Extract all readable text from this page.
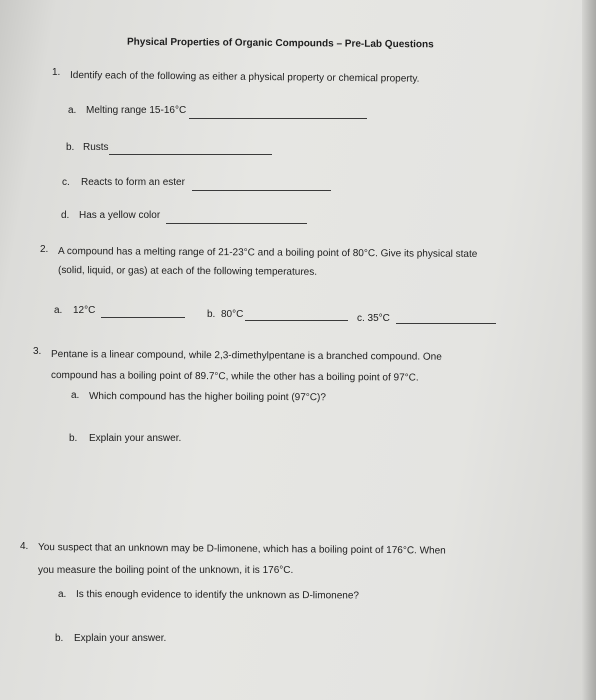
Physical Properties of Organic Compounds – Pre-Lab Questions
1. Identify each of the following as either a physical property or chemical property.
a. Melting range 15-16°C
b. Rusts
c. Reacts to form an ester
d. Has a yellow color
2. A compound has a melting range of 21-23°C and a boiling point of 80°C. Give its physical state
(solid, liquid, or gas) at each of the following temperatures.
a. 12°C	b. 80°C	c. 35°C
3. Pentane is a linear compound, while 2,3-dimethylpentane is a branched compound. One
compound has a boiling point of 89.7°C, while the other has a boiling point of 97°C.
a. Which compound has the higher boiling point (97°C)?
b. Explain your answer.
4. You suspect that an unknown may be D-limonene, which has a boiling point of 176°C. When
you measure the boiling point of the unknown, it is 176°C.
a. Is this enough evidence to identify the unknown as D-limonene?
b. Explain your answer.
